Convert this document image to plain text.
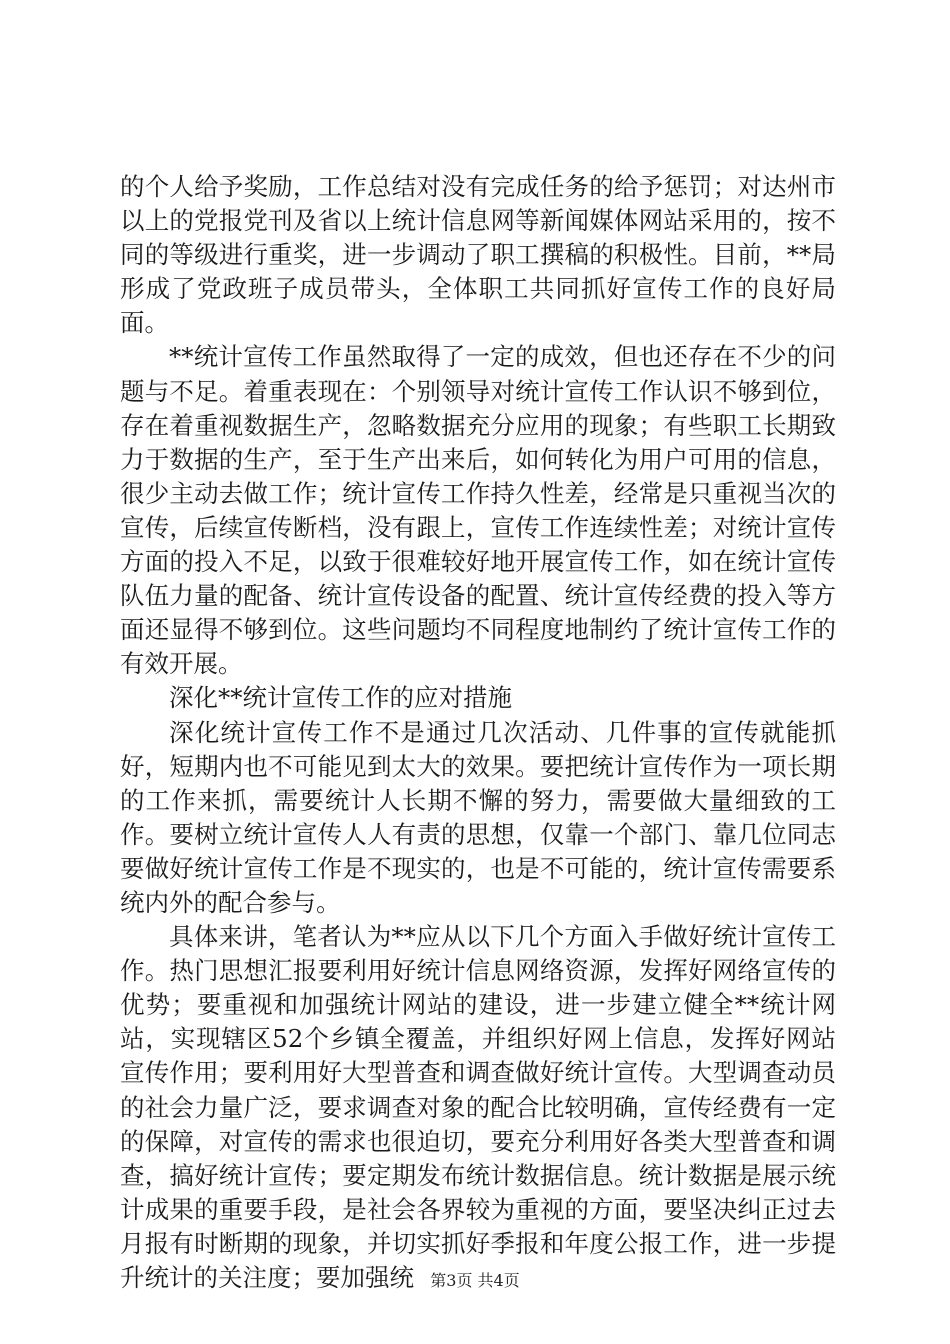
的个人给予奖励，工作总结对没有完成任务的给予惩罚；对达州市以上的党报党刊及省以上统计信息网等新闻媒体网站采用的，按不同的等级进行重奖，进一步调动了职工撰稿的积极性。目前，**局形成了党政班子成员带头，全体职工共同抓好宣传工作的良好局面。

**统计宣传工作虽然取得了一定的成效，但也还存在不少的问题与不足。着重表现在：个别领导对统计宣传工作认识不够到位，存在着重视数据生产，忽略数据充分应用的现象；有些职工长期致力于数据的生产，至于生产出来后，如何转化为用户可用的信息，很少主动去做工作；统计宣传工作持久性差，经常是只重视当次的宣传，后续宣传断档，没有跟上，宣传工作连续性差；对统计宣传方面的投入不足，以致于很难较好地开展宣传工作，如在统计宣传队伍力量的配备、统计宣传设备的配置、统计宣传经费的投入等方面还显得不够到位。这些问题均不同程度地制约了统计宣传工作的有效开展。

深化**统计宣传工作的应对措施

深化统计宣传工作不是通过几次活动、几件事的宣传就能抓好，短期内也不可能见到太大的效果。要把统计宣传作为一项长期的工作来抓，需要统计人长期不懈的努力，需要做大量细致的工作。要树立统计宣传人人有责的思想，仅靠一个部门、靠几位同志要做好统计宣传工作是不现实的，也是不可能的，统计宣传需要系统内外的配合参与。

具体来讲，笔者认为**应从以下几个方面入手做好统计宣传工作。热门思想汇报要利用好统计信息网络资源，发挥好网络宣传的优势；要重视和加强统计网站的建设，进一步建立健全**统计网站，实现辖区52个乡镇全覆盖，并组织好网上信息，发挥好网站宣传作用；要利用好大型普查和调查做好统计宣传。大型调查动员的社会力量广泛，要求调查对象的配合比较明确，宣传经费有一定的保障，对宣传的需求也很迫切，要充分利用好各类大型普查和调查，搞好统计宣传；要定期发布统计数据信息。统计数据是展示统计成果的重要手段，是社会各界较为重视的方面，要坚决纠正过去月报有时断期的现象，并切实抓好季报和年度公报工作，进一步提升统计的关注度；要加强统	第3页 共4页
